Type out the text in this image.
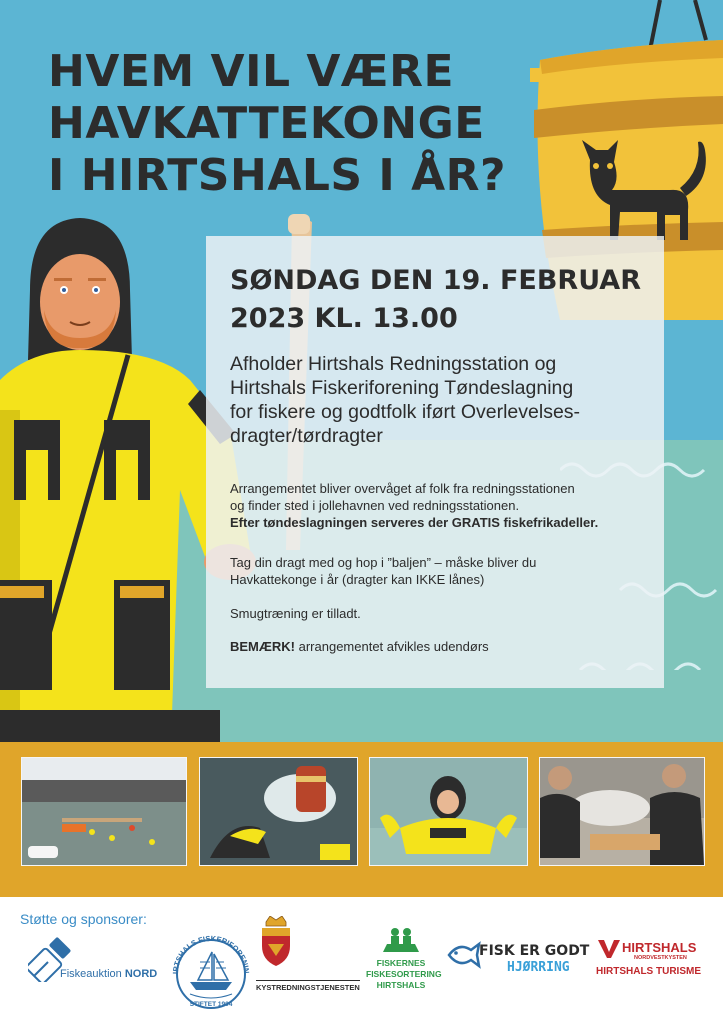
HVEM VIL VÆRE
HAVKATTEKONGE
I HIRTSHALS I ÅR?
SØNDAG DEN 19. FEBRUAR
2023 KL. 13.00
Afholder Hirtshals Redningsstation og
Hirtshals Fiskeriforening Tøndeslagning
for fiskere og godtfolk iført Overlevelses-
dragter/tørdragter
Arrangementet bliver overvåget af folk fra redningsstationen
og finder sted i jollehavnen ved redningsstationen.
Efter tøndeslagningen serveres der GRATIS fiskefrikadeller.
Tag din dragt med og hop i ”baljen” – måske bliver du
Havkattekonge i år (dragter kan IKKE lånes)
Smugtræning er tilladt.
BEMÆRK! arrangementet afvikles udendørs
Støtte og sponsorer:
Fiskeauktion NORD	IRTSHALS FISKERIFORENIN
STIFTET 1904
KYSTREDNINGSTJENESTEN
FISKERNES
FISKESORTERING
HIRTSHALS
FISK ER GODT
HJØRRING
HIRTSHALS
NORDVESTKYSTEN
HIRTSHALS TURISME
